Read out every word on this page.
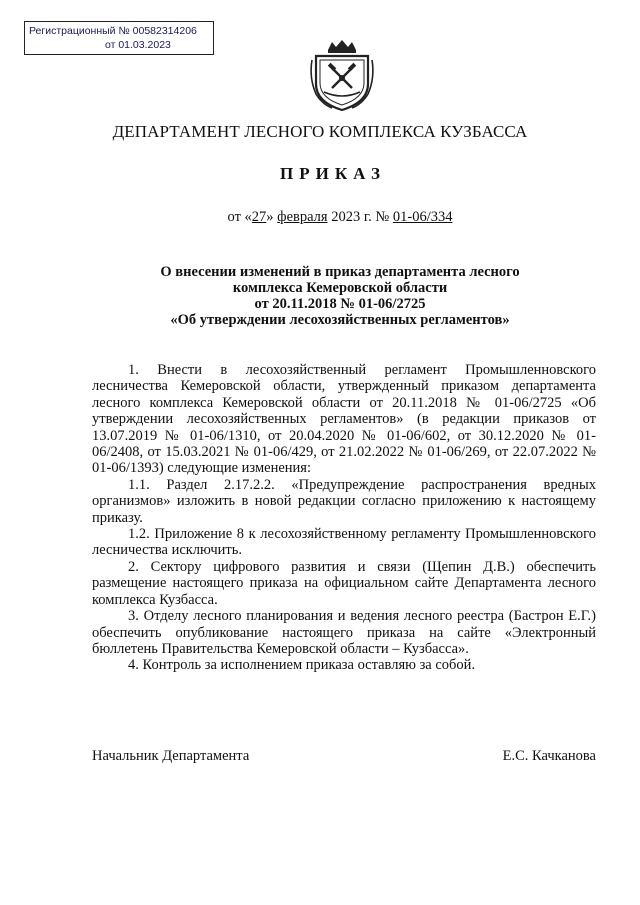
Регистрационный № 00582314206
от 01.03.2023
ДЕПАРТАМЕНТ ЛЕСНОГО КОМПЛЕКСА КУЗБАССА
ПРИКАЗ
от «27» февраля 2023 г. № 01-06/334
О внесении изменений в приказ департамента лесного
комплекса Кемеровской области
от 20.11.2018 № 01-06/2725
«Об утверждении лесохозяйственных регламентов»

1. Внести в лесохозяйственный регламент Промышленновского лесничества Кемеровской области, утвержденный приказом департамента лесного комплекса Кемеровской области от 20.11.2018 № 01-06/2725 «Об утверждении лесохозяйственных регламентов» (в редакции приказов от 13.07.2019 № 01-06/1310, от 20.04.2020 № 01-06/602, от 30.12.2020 № 01-06/2408, от 15.03.2021 № 01-06/429, от 21.02.2022 № 01-06/269, от 22.07.2022 № 01-06/1393) следующие изменения:

1.1. Раздел 2.17.2.2. «Предупреждение распространения вредных организмов» изложить в новой редакции согласно приложению к настоящему приказу.

1.2. Приложение 8 к лесохозяйственному регламенту Промышленновского лесничества исключить.

2. Сектору цифрового развития и связи (Щепин Д.В.) обеспечить размещение настоящего приказа на официальном сайте Департамента лесного комплекса Кузбасса.

3. Отделу лесного планирования и ведения лесного реестра (Бастрон Е.Г.) обеспечить опубликование настоящего приказа на сайте «Электронный бюллетень Правительства Кемеровской области – Кузбасса».

4. Контроль за исполнением приказа оставляю за собой.

Начальник Департамента	Е.С. Качканова
